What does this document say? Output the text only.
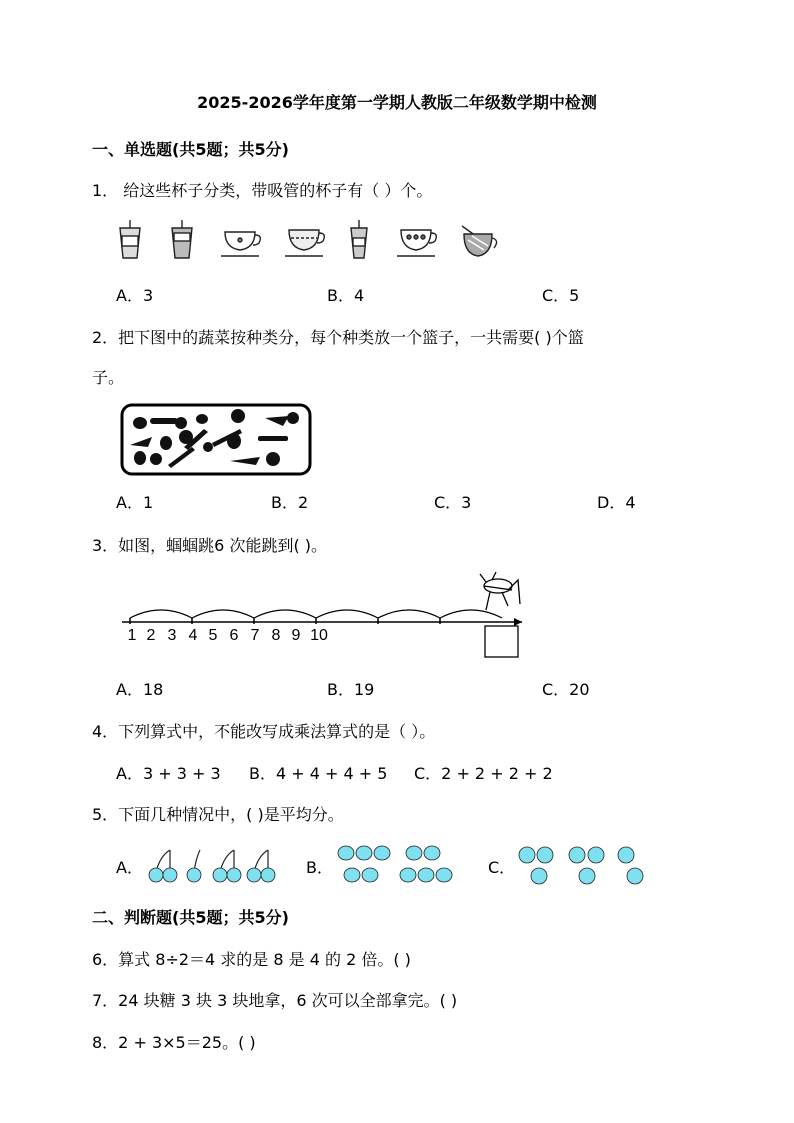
2025-2026学年度第一学期人教版二年级数学期中检测
一、单选题(共5题；共5分)
1． 给这些杯子分类，带吸管的杯子有（ ）个。
A．3	B．4	C．5
2．把下图中的蔬菜按种类分，每个种类放一个篮子，一共需要( )个篮
子。
A．1	B．2	C．3	D．4
3．如图，蝈蝈跳6 次能跳到( )。
1 2 3 4 5 6 7 8 9 10
A．18	B．19	C．20
4．下列算式中，不能改写成乘法算式的是（ ）。
A．3 + 3 + 3 B．4 + 4 + 4 + 5 C．2 + 2 + 2 + 2
5．下面几种情况中，( )是平均分。
A．	B．	C．
二、判断题(共5题；共5分)
6．算式 8÷2＝4 求的是 8 是 4 的 2 倍。( )
7．24 块糖 3 块 3 块地拿，6 次可以全部拿完。( )
8．2 + 3×5＝25。( )
